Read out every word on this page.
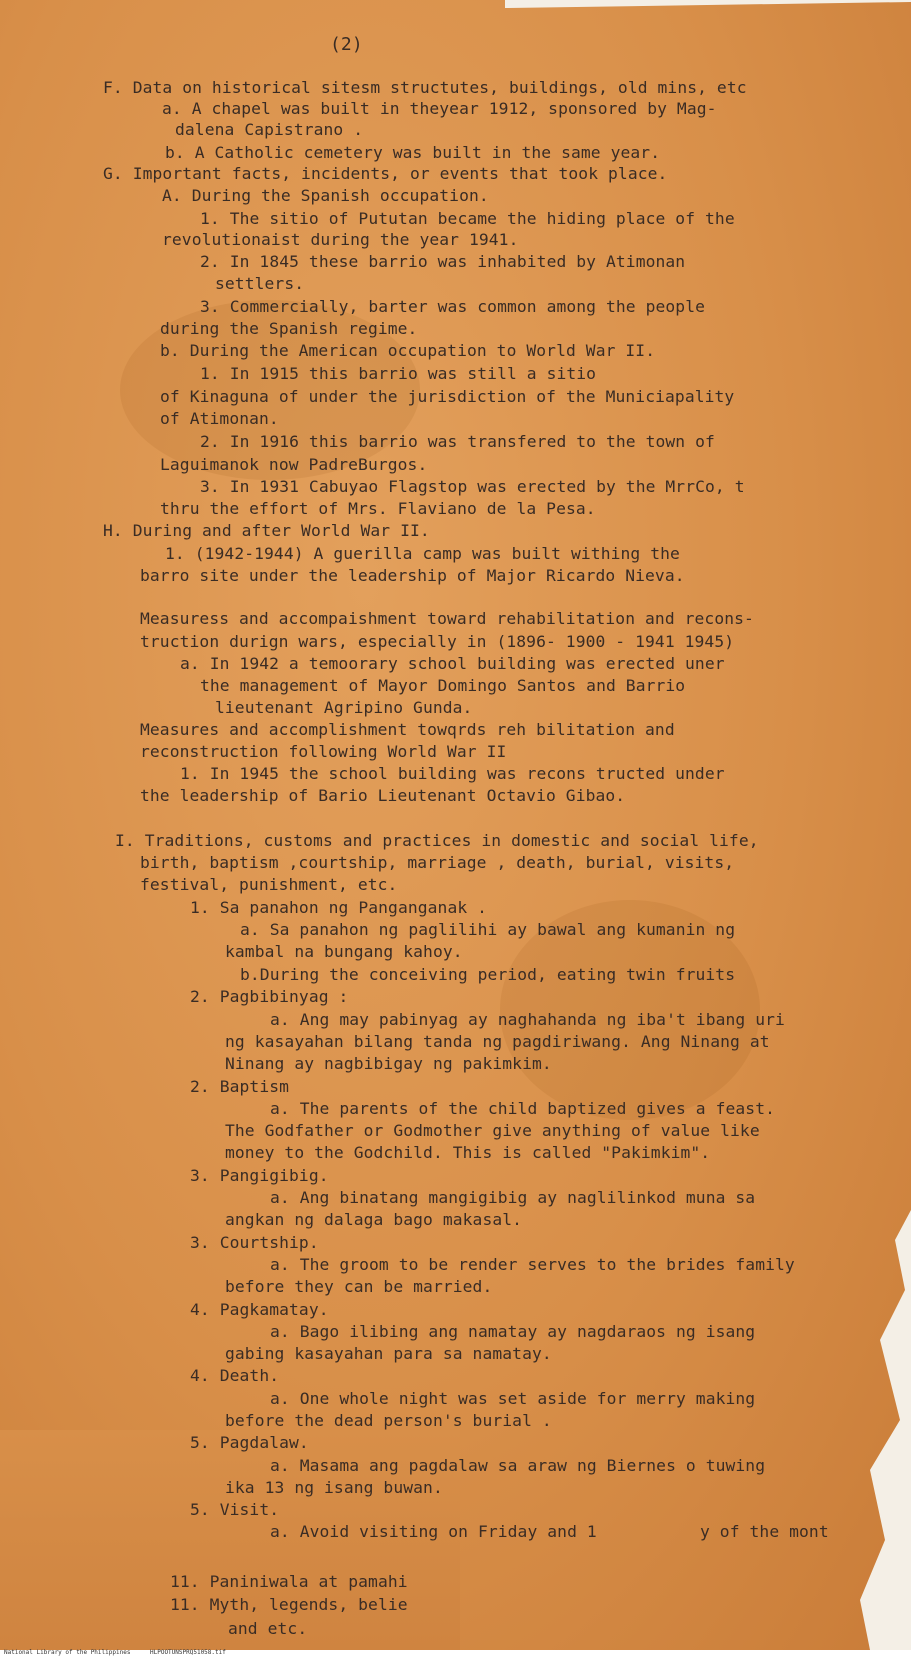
(2)
F. Data on historical sitesm structutes, buildings, old mins, etc
a. A chapel was built in theyear 1912, sponsored by Mag-
dalena Capistrano .
b. A Catholic cemetery was built in the same year.
G. Important facts, incidents, or events that took place.
A. During the Spanish occupation.
1. The sitio of Pututan became the hiding place of the
revolutionaist during the year 1941.
2. In 1845 these barrio was inhabited by Atimonan
settlers.
3. Commercially, barter was common among the people
during the Spanish regime.
b. During the American occupation to World War II.
1. In 1915 this barrio was still a sitio
of Kinaguna of under the jurisdiction of the Municiapality
of Atimonan.
2. In 1916 this barrio was transfered to the town of
Laguimanok now PadreBurgos.
3. In 1931 Cabuyao Flagstop was erected by the MrrCo, t
thru the effort of Mrs. Flaviano de la Pesa.
H. During and after World War II.
1. (1942-1944) A guerilla camp was built withing the
barro site under the leadership of Major Ricardo Nieva.
Measuress and accompaishment toward rehabilitation and recons-
truction durign wars, especially in (1896- 1900 - 1941 1945)
a. In 1942 a temoorary school building was erected uner
the management of Mayor Domingo Santos and Barrio
lieutenant Agripino Gunda.
Measures and accomplishment towqrds reh bilitation and
reconstruction following World War II
1. In 1945 the school building was recons tructed under
the leadership of Bario Lieutenant Octavio Gibao.
I. Traditions, customs and practices in domestic and social life,
birth, baptism ,courtship, marriage , death, burial, visits,
festival, punishment, etc.
1. Sa panahon ng Panganganak .
a. Sa panahon ng paglilihi ay bawal ang kumanin ng
kambal na bungang kahoy.
b.During the conceiving period, eating twin fruits
2. Pagbibinyag :
a. Ang may pabinyag ay naghahanda ng iba't ibang uri
ng kasayahan bilang tanda ng pagdiriwang. Ang Ninang at
Ninang ay nagbibigay ng pakimkim.
2. Baptism
a. The parents of the child baptized gives a feast.
The Godfather or Godmother give anything of value like
money to the Godchild. This is called "Pakimkim".
3. Pangigibig.
a. Ang binatang mangigibig ay naglilinkod muna sa
angkan ng dalaga bago makasal.
3. Courtship.
a. The groom to be render serves to the brides family
before they can be married.
4. Pagkamatay.
a. Bago ilibing ang namatay ay nagdaraos ng isang
gabing kasayahan para sa namatay.
4. Death.
a. One whole night was set aside for merry making
before the dead person's burial .
5. Pagdalaw.
a. Masama ang pagdalaw sa araw ng Biernes o tuwing
ika 13 ng isang buwan.
5. Visit.
a. Avoid visiting on Friday and 1	y of the mont
11. Paniniwala at pamahi
11. Myth, legends, belie
and etc.
National Library of the Philippines	HLPOOTUNSPRQ51058.tif
